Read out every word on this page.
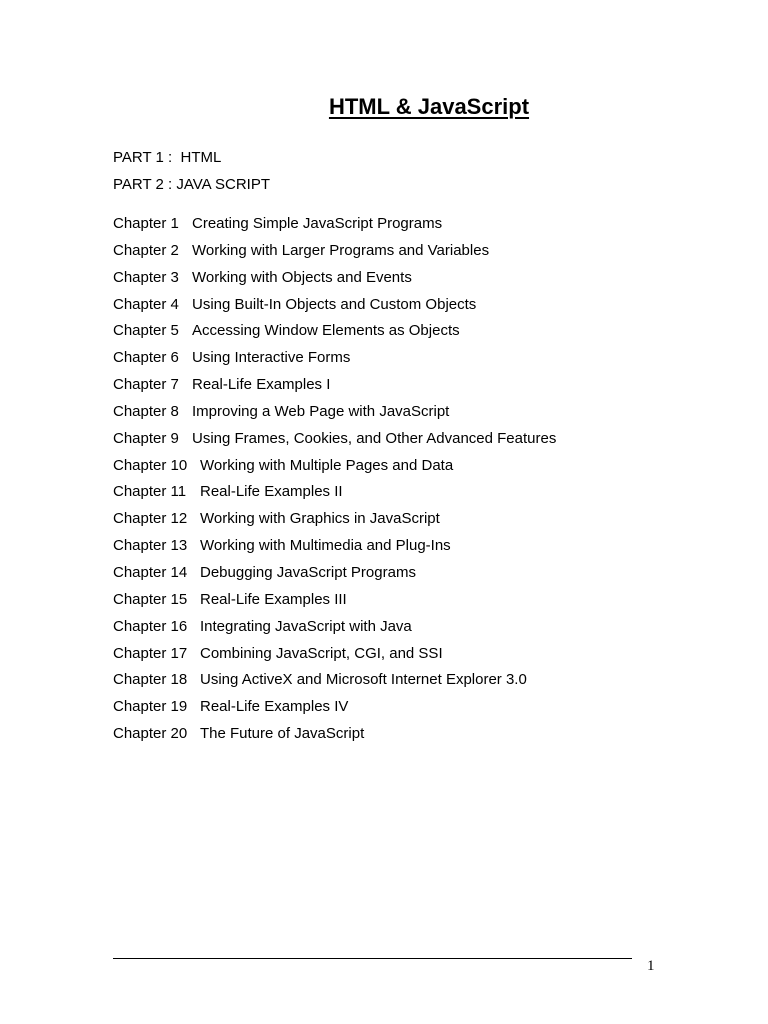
HTML & JavaScript
PART 1 :  HTML
PART 2 : JAVA SCRIPT
Chapter 1 Creating Simple JavaScript Programs
Chapter 2 Working with Larger Programs and Variables
Chapter 3 Working with Objects and Events
Chapter 4 Using Built-In Objects and Custom Objects
Chapter 5 Accessing Window Elements as Objects
Chapter 6 Using Interactive Forms
Chapter 7 Real-Life Examples I
Chapter 8 Improving a Web Page with JavaScript
Chapter 9 Using Frames, Cookies, and Other Advanced Features
Chapter 10 Working with Multiple Pages and Data
Chapter 11 Real-Life Examples II
Chapter 12 Working with Graphics in JavaScript
Chapter 13 Working with Multimedia and Plug-Ins
Chapter 14 Debugging JavaScript Programs
Chapter 15 Real-Life Examples III
Chapter 16 Integrating JavaScript with Java
Chapter 17 Combining JavaScript, CGI, and SSI
Chapter 18 Using ActiveX and Microsoft Internet Explorer 3.0
Chapter 19 Real-Life Examples IV
Chapter 20 The Future of JavaScript
1
